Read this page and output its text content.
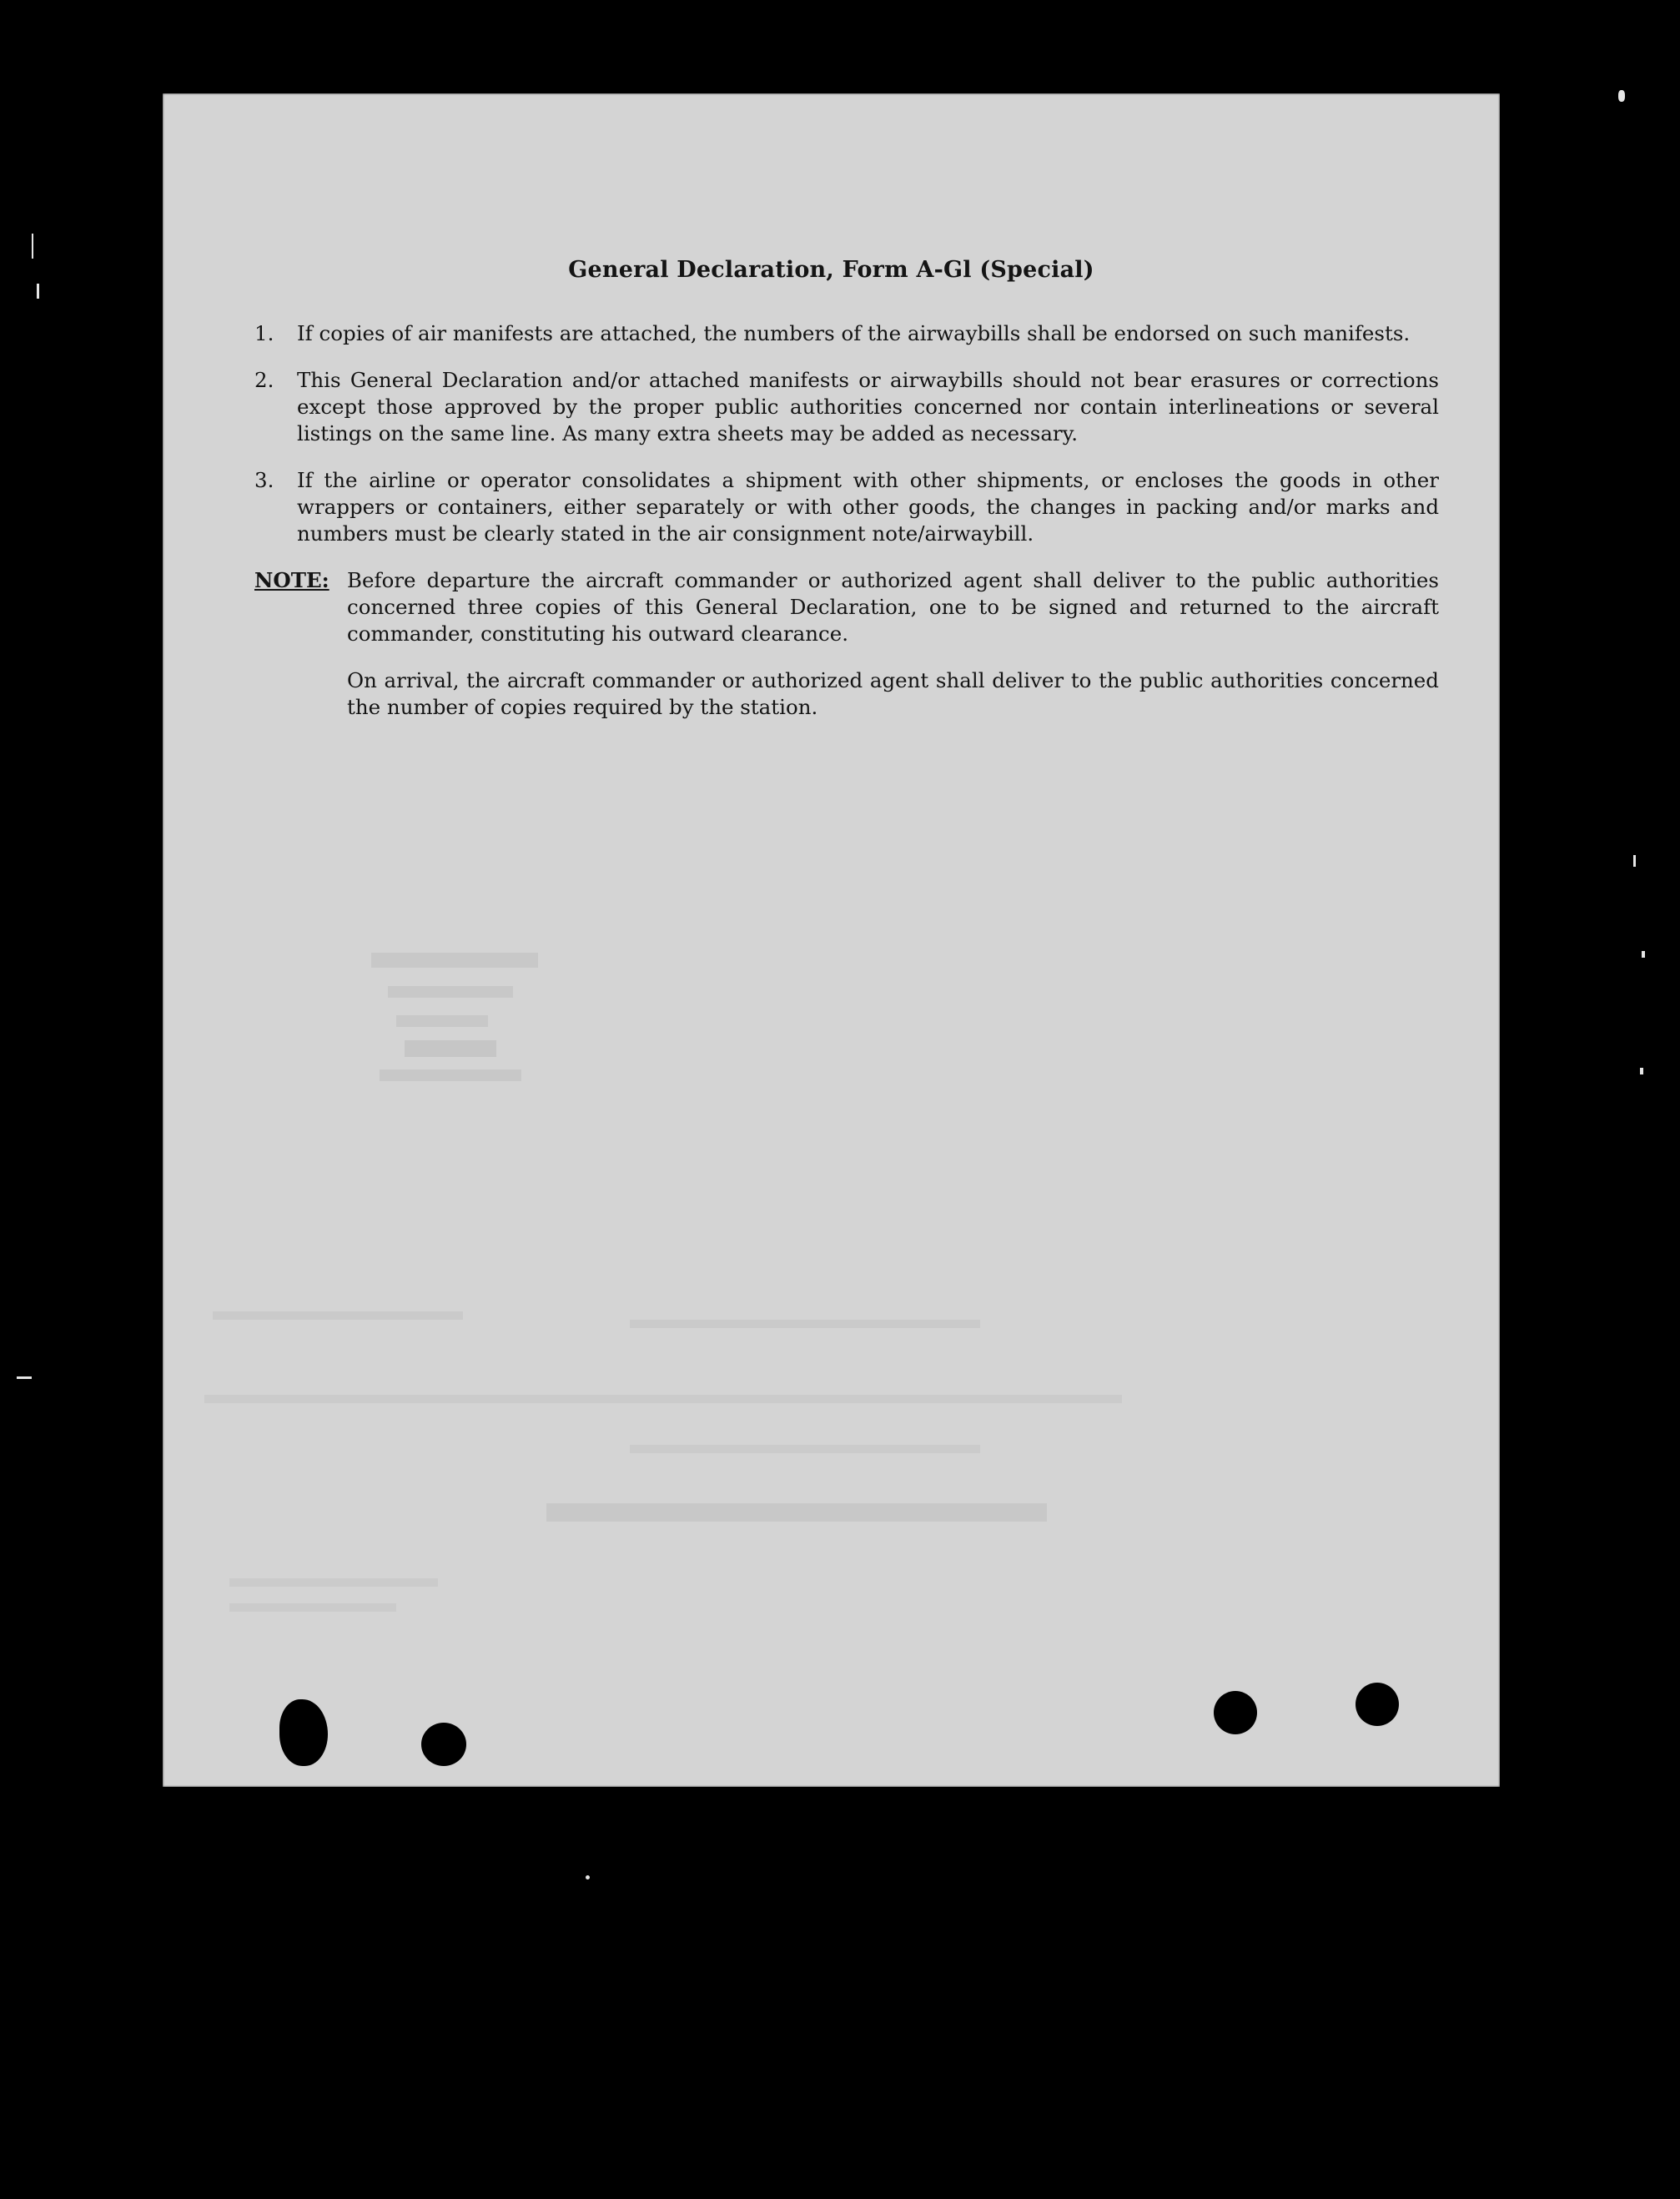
General Declaration, Form A-Gl (Special)
1.	If copies of air manifests are attached, the numbers of the airwaybills shall be endorsed on such manifests.
2.	This General Declaration and/or attached manifests or airwaybills should not bear erasures or corrections except those approved by the proper public authorities concerned nor contain interlineations or several listings on the same line. As many extra sheets may be added as necessary.
3.	If the airline or operator consolidates a shipment with other shipments, or encloses the goods in other wrappers or containers, either separately or with other goods, the changes in packing and/or marks and numbers must be clearly stated in the air consignment note/airwaybill.
NOTE: Before departure the aircraft commander or authorized agent shall deliver to the public authorities concerned three copies of this General Declaration, one to be signed and returned to the aircraft commander, constituting his outward clearance.

On arrival, the aircraft commander or authorized agent shall deliver to the public authorities concerned the number of copies required by the station.
